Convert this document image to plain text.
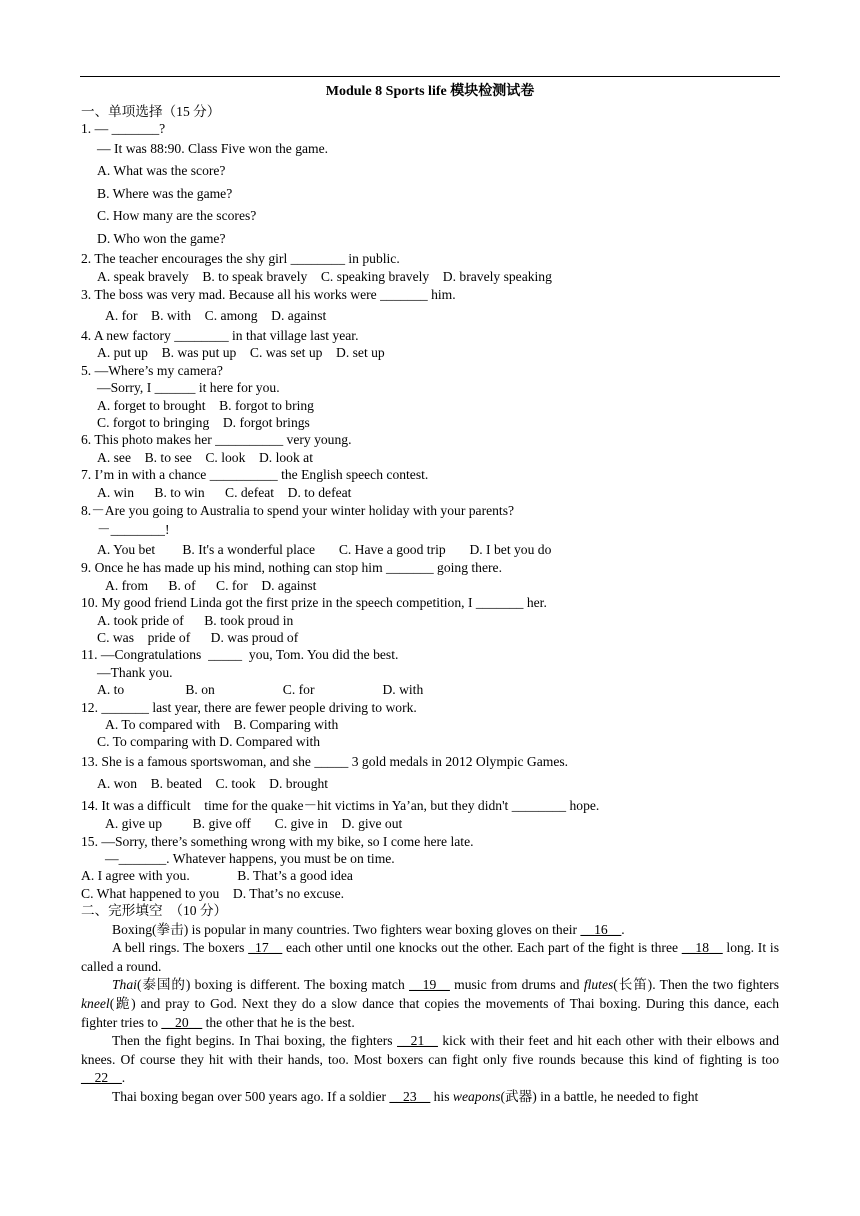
Module 8 Sports life 模块检测试卷
一、单项选择（15 分）
1. — _______?
— It was 88:90. Class Five won the game.
A. What was the score?
B. Where was the game?
C. How many are the scores?
D. Who won the game?
2. The teacher encourages the shy girl ________ in public.
A. speak bravely    B. to speak bravely    C. speaking bravely    D. bravely speaking
3. The boss was very mad. Because all his works were _______ him.
A. for    B. with    C. among    D. against
4. A new factory ________ in that village last year.
A. put up    B. was put up    C. was set up    D. set up
5. —Where’s my camera?
—Sorry, I ______ it here for you.
A. forget to brought    B. forgot to bring
C. forgot to bringing    D. forgot brings
6. This photo makes her __________ very young.
A. see    B. to see    C. look    D. look at
7. I’m in with a chance __________ the English speech contest.
A. win      B. to win      C. defeat    D. to defeat
8.－Are you going to Australia to spend your winter holiday with your parents?
－________!
A. You bet        B. It's a wonderful place       C. Have a good trip       D. I bet you do
9. Once he has made up his mind, nothing can stop him _______ going there.
A. from      B. of      C. for    D. against
10. My good friend Linda got the first prize in the speech competition, I _______ her.
A. took pride of      B. took proud in
C. was    pride of      D. was proud of
11. —Congratulations  _____  you, Tom. You did the best.
—Thank you.
A. to                  B. on                    C. for                    D. with
12. _______ last year, there are fewer people driving to work.
A. To compared with    B. Comparing with
C. To comparing with D. Compared with
13. She is a famous sportswoman, and she _____ 3 gold medals in 2012 Olympic Games.
A. won    B. beated    C. took    D. brought
14. It was a difficult    time for the quake－hit victims in Ya’an, but they didn't ________ hope.
A. give up         B. give off       C. give in    D. give out
15. —Sorry, there’s something wrong with my bike, so I come here late.
—_______. Whatever happens, you must be on time.
A. I agree with you.              B. That’s a good idea
C. What happened to you    D. That’s no excuse.
二、完形填空　（10 分）
Boxing(拳击) is popular in many countries. Two fighters wear boxing gloves on their __16__.
A bell rings. The boxers _17__ each other until one knocks out the other. Each part of the fight is three __18__ long. It is called a round.
Thai(泰国的) boxing is different. The boxing match __19__ music from drums and flutes(长笛). Then the two fighters kneel(跪) and pray to God. Next they do a slow dance that copies the movements of Thai boxing. During this dance, each fighter tries to __20__ the other that he is the best.
Then the fight begins. In Thai boxing, the fighters __21__ kick with their feet and hit each other with their elbows and knees. Of course they hit with their hands, too. Most boxers can fight only five rounds because this kind of fighting is too __22__.
Thai boxing began over 500 years ago. If a soldier __23__ his weapons(武器) in a battle, he needed to fight
